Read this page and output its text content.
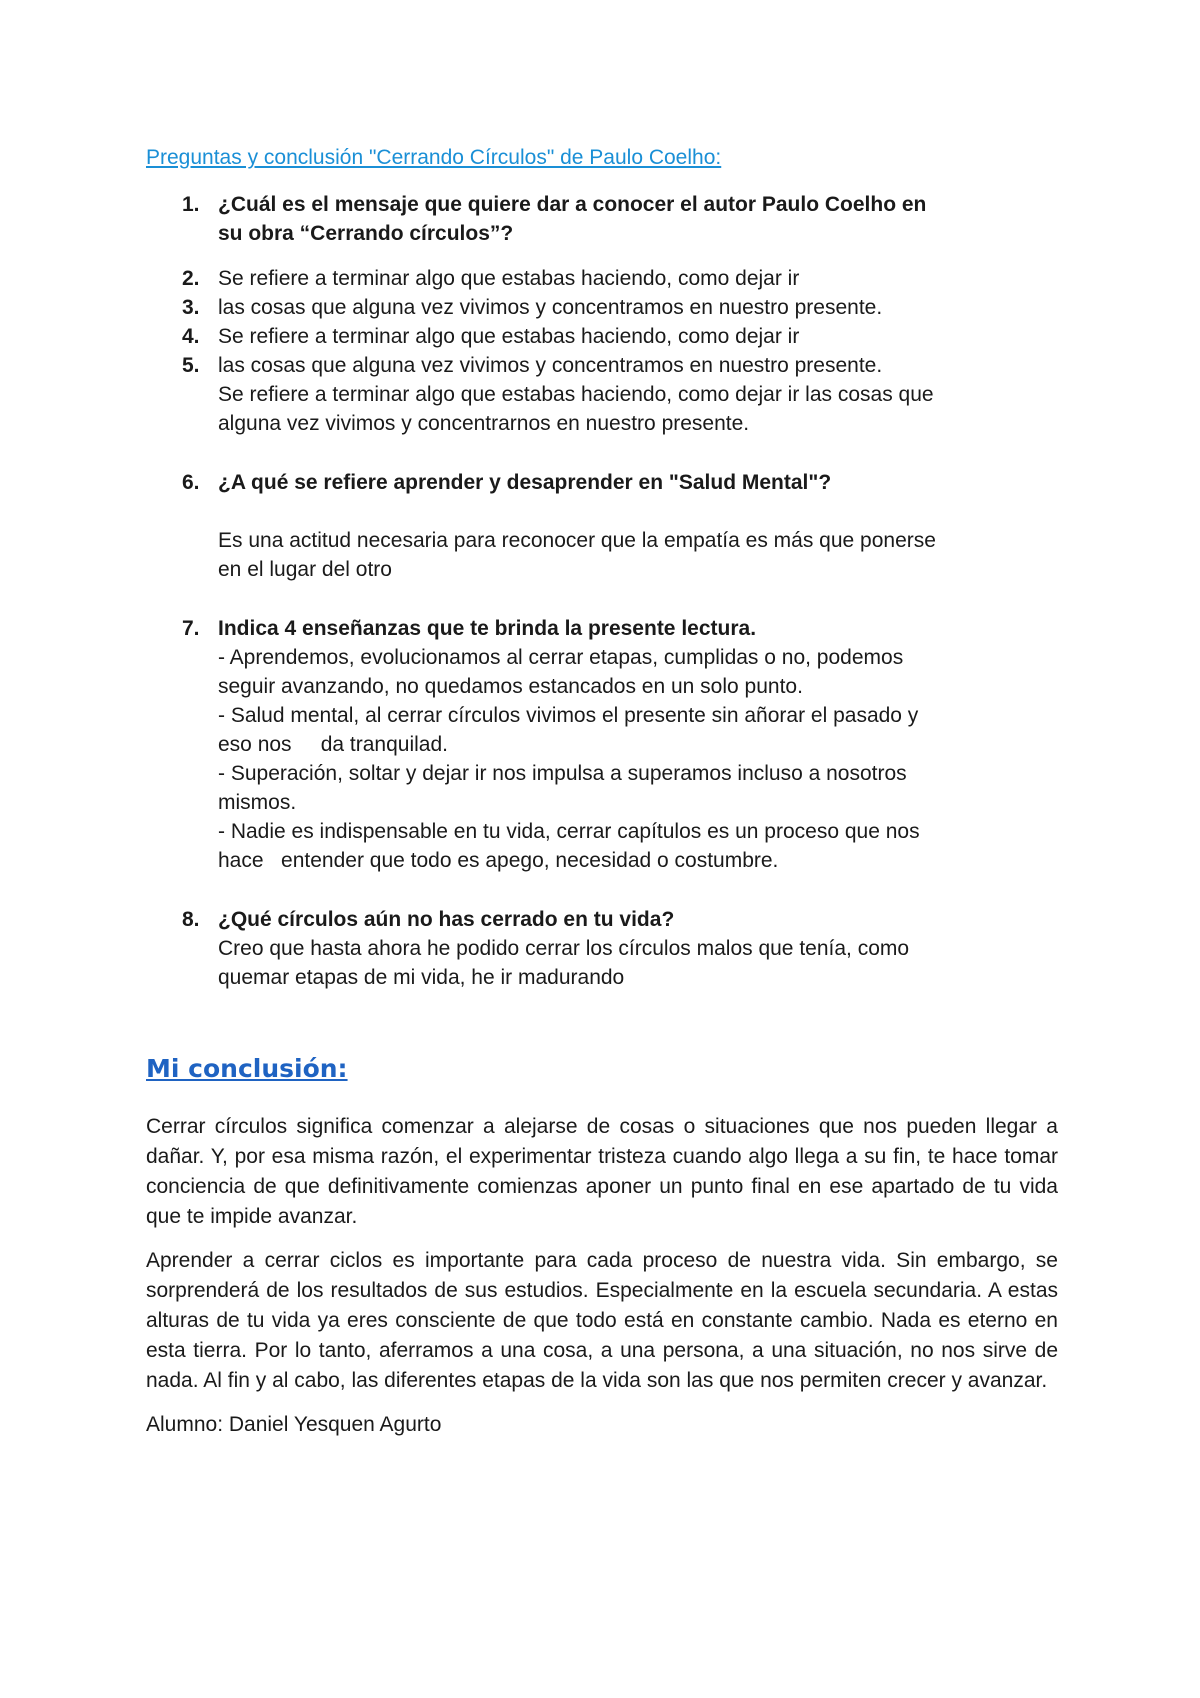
Preguntas y conclusión "Cerrando Círculos" de Paulo Coelho:
1. ¿Cuál es el mensaje que quiere dar a conocer el autor Paulo Coelho en
su obra “Cerrando círculos”?
2. Se refiere a terminar algo que estabas haciendo, como dejar ir
3. las cosas que alguna vez vivimos y concentramos en nuestro presente.
4. Se refiere a terminar algo que estabas haciendo, como dejar ir
5. las cosas que alguna vez vivimos y concentramos en nuestro presente.
Se refiere a terminar algo que estabas haciendo, como dejar ir las cosas que
alguna vez vivimos y concentrarnos en nuestro presente.
6. ¿A qué se refiere aprender y desaprender en "Salud Mental"?
Es una actitud necesaria para reconocer que la empatía es más que ponerse
en el lugar del otro
7. Indica 4 enseñanzas que te brinda la presente lectura.
- Aprendemos, evolucionamos al cerrar etapas, cumplidas o no, podemos
seguir avanzando, no quedamos estancados en un solo punto.
- Salud mental, al cerrar círculos vivimos el presente sin añorar el pasado y
eso nos     da tranquilad.
- Superación, soltar y dejar ir nos impulsa a superamos incluso a nosotros
mismos.
- Nadie es indispensable en tu vida, cerrar capítulos es un proceso que nos
hace   entender que todo es apego, necesidad o costumbre.
8. ¿Qué círculos aún no has cerrado en tu vida?
Creo que hasta ahora he podido cerrar los círculos malos que tenía, como
quemar etapas de mi vida, he ir madurando
Mi conclusión:

Cerrar círculos significa comenzar a alejarse de cosas o situaciones que nos pueden llegar a dañar. Y, por esa misma razón, el experimentar tristeza cuando algo llega a su fin, te hace tomar conciencia de que definitivamente comienzas aponer un punto final en ese apartado de tu vida que te impide avanzar.

Aprender a cerrar ciclos es importante para cada proceso de nuestra vida. Sin embargo, se sorprenderá de los resultados de sus estudios. Especialmente en la escuela secundaria. A estas alturas de tu vida ya eres consciente de que todo está en constante cambio. Nada es eterno en esta tierra. Por lo tanto, aferramos a una cosa, a una persona, a una situación, no nos sirve de nada. Al fin y al cabo, las diferentes etapas de la vida son las que nos permiten crecer y avanzar.

Alumno: Daniel Yesquen Agurto
